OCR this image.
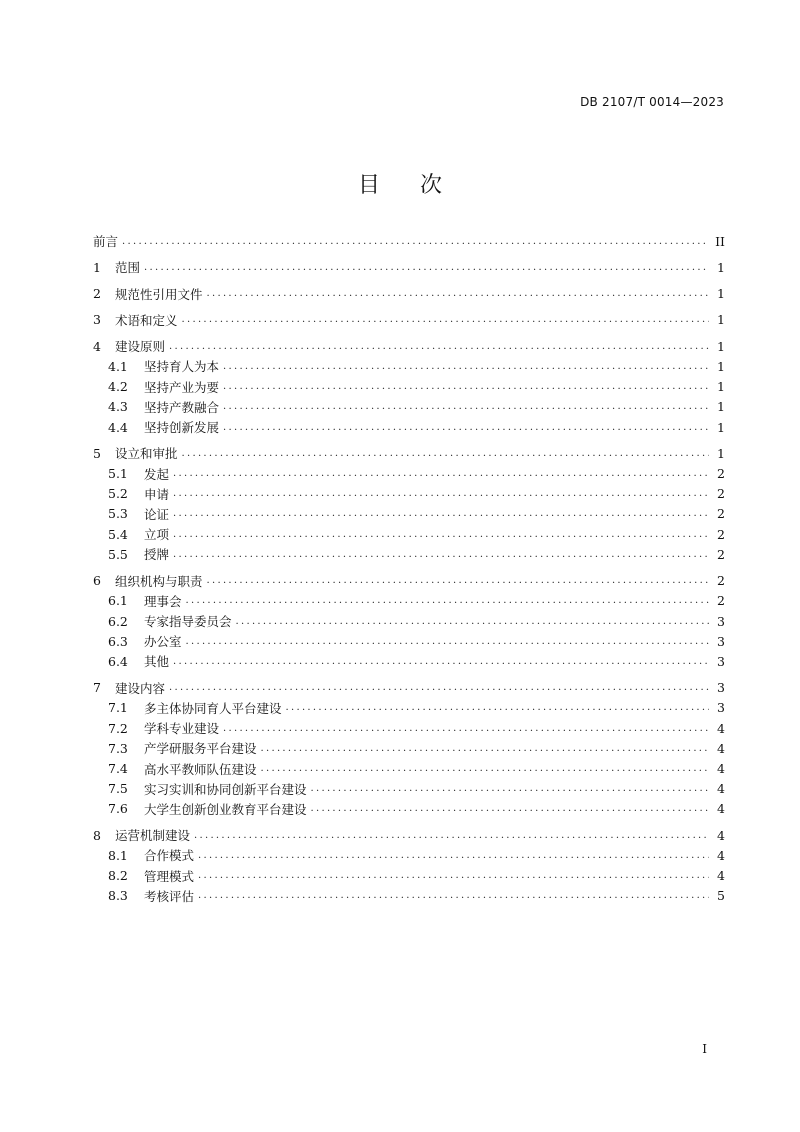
DB 2107/T 0014—2023
目 次
前言 .....	II
1 范围 .....	1
2 规范性引用文件 .....	1
3 术语和定义 .....	1
4 建设原则 .....	1
4.1	坚持育人为本 .....	1
4.2	坚持产业为要 .....	1
4.3	坚持产教融合 .....	1
4.4	坚持创新发展 .....	1
5 设立和审批 .....	1
5.1	发起 .....	2
5.2	申请 .....	2
5.3	论证 .....	2
5.4	立项 .....	2
5.5	授牌 .....	2
6 组织机构与职责 .....	2
6.1	理事会 .....	2
6.2	专家指导委员会 .....	3
6.3	办公室 .....	3
6.4	其他 .....	3
7 建设内容 .....	3
7.1	多主体协同育人平台建设 .....	3
7.2	学科专业建设 .....	4
7.3	产学研服务平台建设 .....	4
7.4	高水平教师队伍建设 .....	4
7.5	实习实训和协同创新平台建设 .....	4
7.6	大学生创新创业教育平台建设 .....	4
8 运营机制建设 .....	4
8.1	合作模式 .....	4
8.2	管理模式 .....	4
8.3	考核评估 .....	5
I
